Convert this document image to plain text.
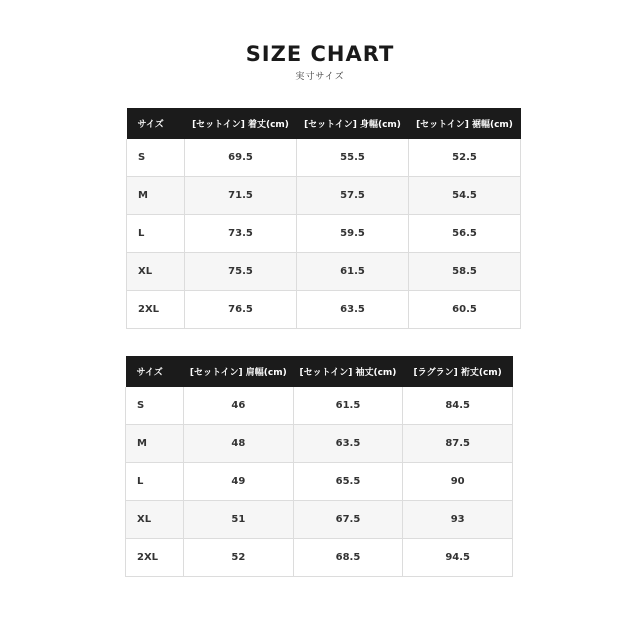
SIZE CHART
実寸サイズ
サイズ	[セットイン] 着丈(cm)	[セットイン] 身幅(cm)	[セットイン] 裾幅(cm)
S	69.5	55.5	52.5
M	71.5	57.5	54.5
L	73.5	59.5	56.5
XL	75.5	61.5	58.5
2XL	76.5	63.5	60.5
サイズ	[セットイン] 肩幅(cm)	[セットイン] 袖丈(cm)	[ラグラン] 裄丈(cm)
S	46	61.5	84.5
M	48	63.5	87.5
L	49	65.5	90
XL	51	67.5	93
2XL	52	68.5	94.5
